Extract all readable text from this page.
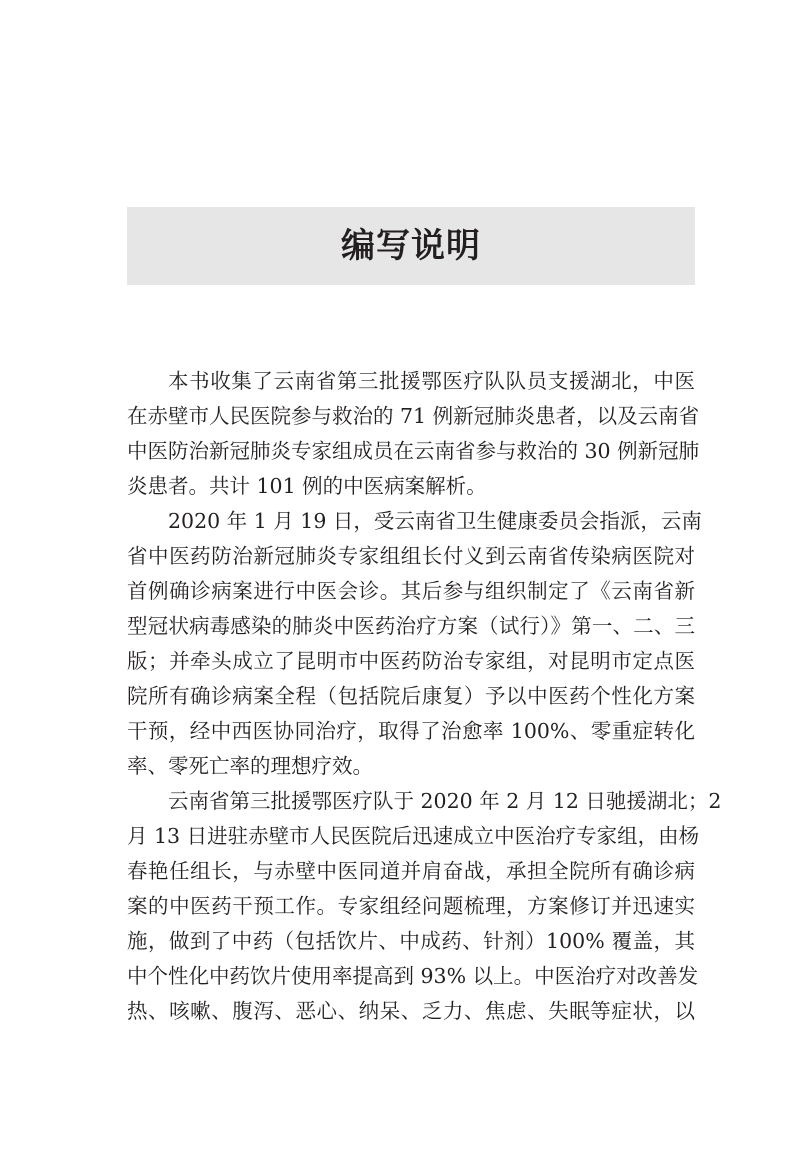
编写说明
本书收集了云南省第三批援鄂医疗队队员支援湖北，中医
在赤壁市人民医院参与救治的 71 例新冠肺炎患者，以及云南省
中医防治新冠肺炎专家组成员在云南省参与救治的 30 例新冠肺
炎患者。共计 101 例的中医病案解析。
2020 年 1 月 19 日，受云南省卫生健康委员会指派，云南
省中医药防治新冠肺炎专家组组长付义到云南省传染病医院对
首例确诊病案进行中医会诊。其后参与组织制定了《云南省新
型冠状病毒感染的肺炎中医药治疗方案（试行）》第一、二、三
版；并牵头成立了昆明市中医药防治专家组，对昆明市定点医
院所有确诊病案全程（包括院后康复）予以中医药个性化方案
干预，经中西医协同治疗，取得了治愈率 100%、零重症转化
率、零死亡率的理想疗效。
云南省第三批援鄂医疗队于 2020 年 2 月 12 日驰援湖北；2
月 13 日进驻赤壁市人民医院后迅速成立中医治疗专家组，由杨
春艳任组长，与赤壁中医同道并肩奋战，承担全院所有确诊病
案的中医药干预工作。专家组经问题梳理，方案修订并迅速实
施，做到了中药（包括饮片、中成药、针剂）100% 覆盖，其
中个性化中药饮片使用率提高到 93% 以上。中医治疗对改善发
热、咳嗽、腹泻、恶心、纳呆、乏力、焦虑、失眠等症状，以
